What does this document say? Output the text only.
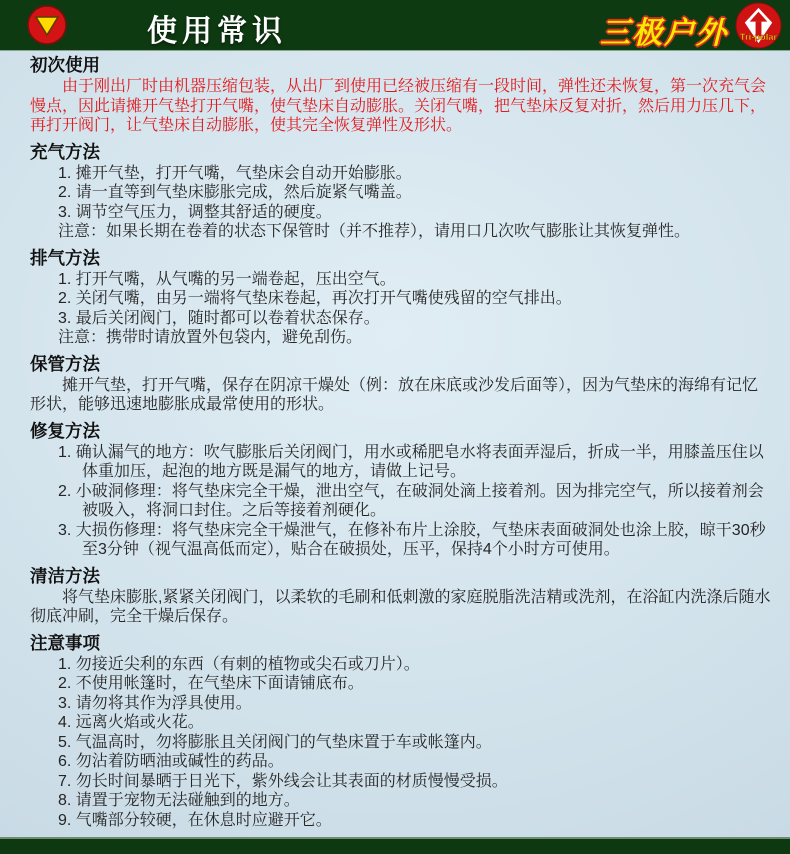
使用常识	三极户外 Tri-polar
初次使用

由于刚出厂时由机器压缩包装，从出厂到使用已经被压缩有一段时间，弹性还未恢复，第一次充气会慢点，因此请摊开气垫打开气嘴，使气垫床自动膨胀。关闭气嘴，把气垫床反复对折，然后用力压几下，再打开阀门，让气垫床自动膨胀，使其完全恢复弹性及形状。

充气方法
1. 摊开气垫，打开气嘴，气垫床会自动开始膨胀。
2. 请一直等到气垫床膨胀完成，然后旋紧气嘴盖。
3. 调节空气压力，调整其舒适的硬度。
注意：如果长期在卷着的状态下保管时（并不推荐），请用口几次吹气膨胀让其恢复弹性。
排气方法
1. 打开气嘴，从气嘴的另一端卷起，压出空气。
2. 关闭气嘴，由另一端将气垫床卷起，再次打开气嘴使残留的空气排出。
3. 最后关闭阀门，随时都可以卷着状态保存。
注意：携带时请放置外包袋内，避免刮伤。
保管方法

摊开气垫，打开气嘴，保存在阴凉干燥处（例：放在床底或沙发后面等），因为气垫床的海绵有记忆形状，能够迅速地膨胀成最常使用的形状。

修复方法
1. 确认漏气的地方：吹气膨胀后关闭阀门，用水或稀肥皂水将表面弄湿后，折成一半，用膝盖压住以体重加压，起泡的地方既是漏气的地方，请做上记号。
2. 小破洞修理：将气垫床完全干燥，泄出空气，在破洞处滴上接着剂。因为排完空气，所以接着剂会被吸入，将洞口封住。之后等接着剂硬化。
3. 大损伤修理：将气垫床完全干燥泄气，在修补布片上涂胶，气垫床表面破洞处也涂上胶，晾干30秒至3分钟（视气温高低而定），贴合在破损处，压平，保持4个小时方可使用。
清洁方法

将气垫床膨胀,紧紧关闭阀门，以柔软的毛刷和低刺激的家庭脱脂洗洁精或洗剂，在浴缸内洗涤后随水彻底冲刷，完全干燥后保存。

注意事项
1. 勿接近尖利的东西（有刺的植物或尖石或刀片）。
2. 不使用帐篷时，在气垫床下面请铺底布。
3. 请勿将其作为浮具使用。
4. 远离火焰或火花。
5. 气温高时，勿将膨胀且关闭阀门的气垫床置于车或帐篷内。
6. 勿沾着防晒油或碱性的药品。
7. 勿长时间暴晒于日光下，紫外线会让其表面的材质慢慢受损。
8. 请置于宠物无法碰触到的地方。
9. 气嘴部分较硬，在休息时应避开它。
